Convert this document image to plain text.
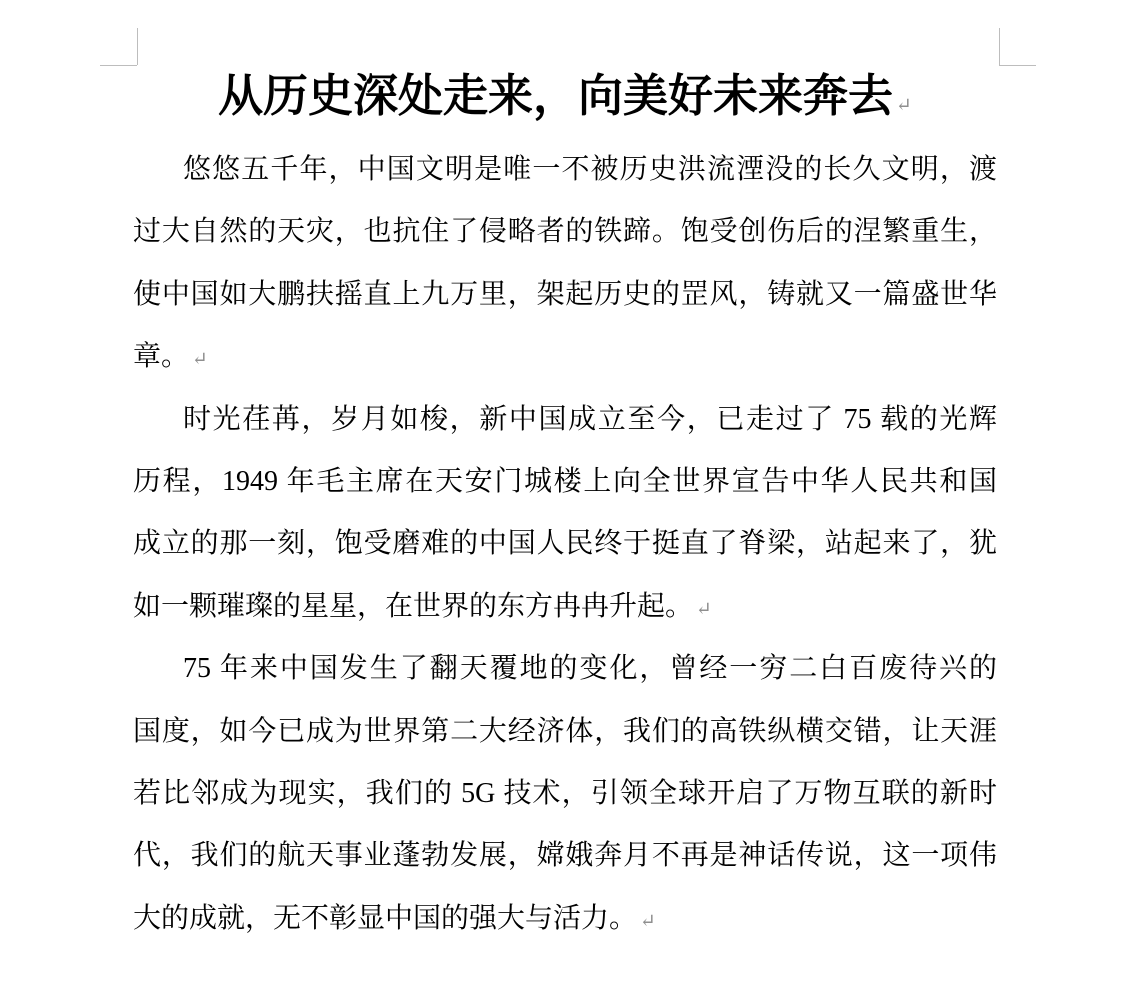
从历史深处走来，向美好未来奔去 ↵
悠悠五千年，中国文明是唯一不被历史洪流湮没的长久文明，渡
过大自然的天灾，也抗住了侵略者的铁蹄。饱受创伤后的涅繁重生，
使中国如大鹏扶摇直上九万里，架起历史的罡风，铸就又一篇盛世华
章。 ↵
时光荏苒，岁月如梭，新中国成立至今，已走过了 75 载的光辉
历程，1949 年毛主席在天安门城楼上向全世界宣告中华人民共和国
成立的那一刻，饱受磨难的中国人民终于挺直了脊梁，站起来了，犹
如一颗璀璨的星星，在世界的东方冉冉升起。 ↵
75 年来中国发生了翻天覆地的变化，曾经一穷二白百废待兴的
国度，如今已成为世界第二大经济体，我们的高铁纵横交错，让天涯
若比邻成为现实，我们的 5G 技术，引领全球开启了万物互联的新时
代，我们的航天事业蓬勃发展，嫦娥奔月不再是神话传说，这一项伟
大的成就，无不彰显中国的强大与活力。 ↵
